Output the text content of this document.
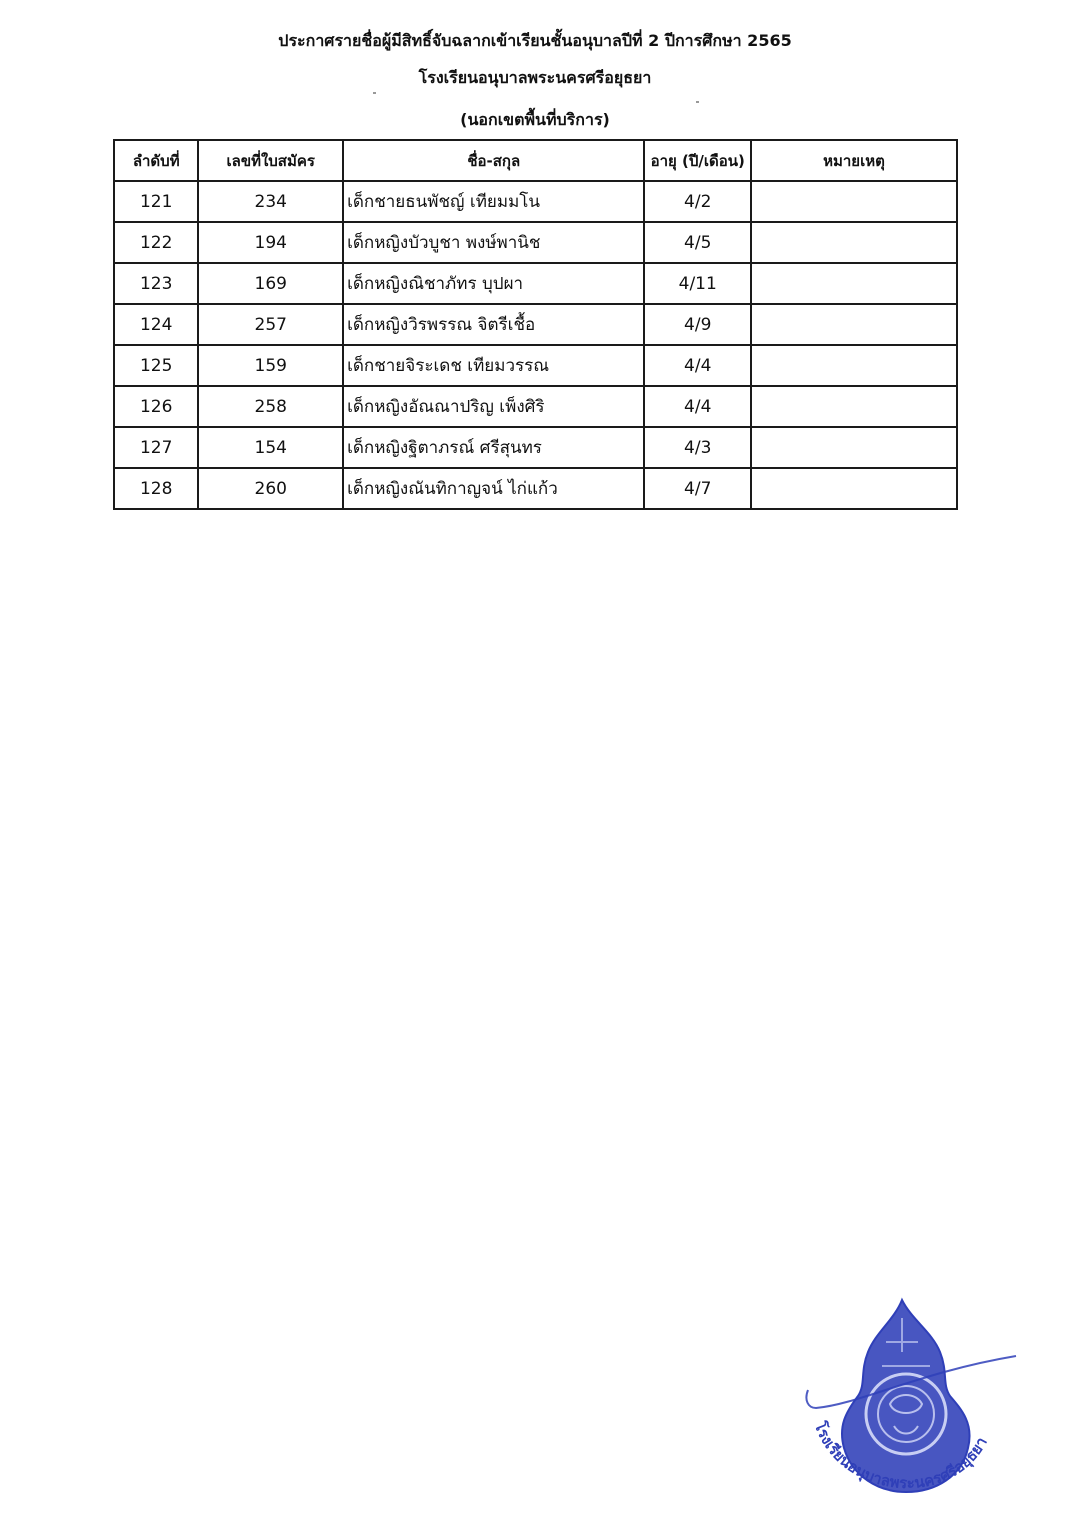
ประกาศรายชื่อผู้มีสิทธิ์จับฉลากเข้าเรียนชั้นอนุบาลปีที่ 2 ปีการศึกษา 2565
โรงเรียนอนุบาลพระนครศรีอยุธยา
(นอกเขตพื้นที่บริการ)
ลำดับที่	เลขที่ใบสมัคร	ชื่อ-สกุล	อายุ (ปี/เดือน)	หมายเหตุ
121	234	เด็กชายธนพัชญ์ เทียมมโน	4/2	
122	194	เด็กหญิงบัวบูชา พงษ์พานิช	4/5	
123	169	เด็กหญิงณิชาภัทร บุปผา	4/11	
124	257	เด็กหญิงวิรพรรณ จิตรีเชื้อ	4/9	
125	159	เด็กชายจิระเดช เทียมวรรณ	4/4	
126	258	เด็กหญิงอัณณาปริญ เพ็งศิริ	4/4	
127	154	เด็กหญิงฐิตาภรณ์ ศรีสุนทร	4/3	
128	260	เด็กหญิงณันทิกาญจน์ ไก่แก้ว	4/7	
โรงเรียนอนุบาลพระนครศรีอยุธยา
